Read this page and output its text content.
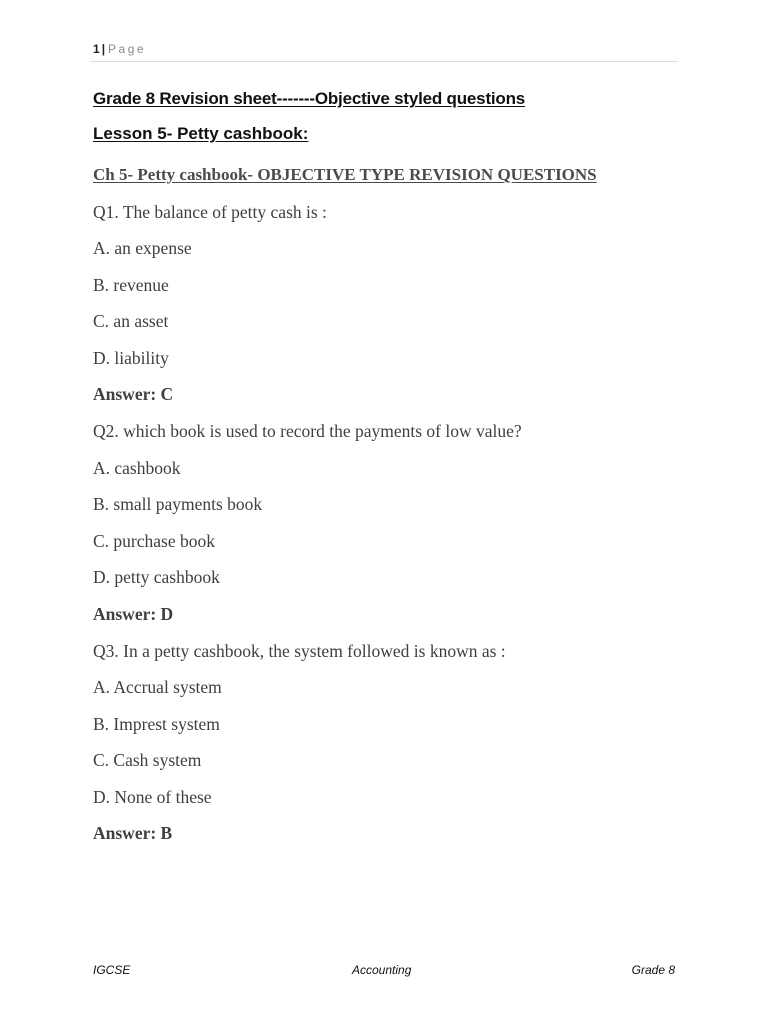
1 | Page
Grade 8 Revision sheet-------Objective styled questions
Lesson 5- Petty cashbook:
Ch 5- Petty cashbook- OBJECTIVE TYPE REVISION QUESTIONS
Q1. The balance of petty cash is :
A. an expense
B. revenue
C. an asset
D. liability
Answer: C
Q2. which book is used to record the payments of low value?
A. cashbook
B. small payments book
C. purchase book
D. petty cashbook
Answer: D
Q3. In a petty cashbook, the system followed is known as :
A. Accrual system
B. Imprest system
C. Cash system
D. None of these
Answer: B
IGCSE	Accounting	Grade 8
